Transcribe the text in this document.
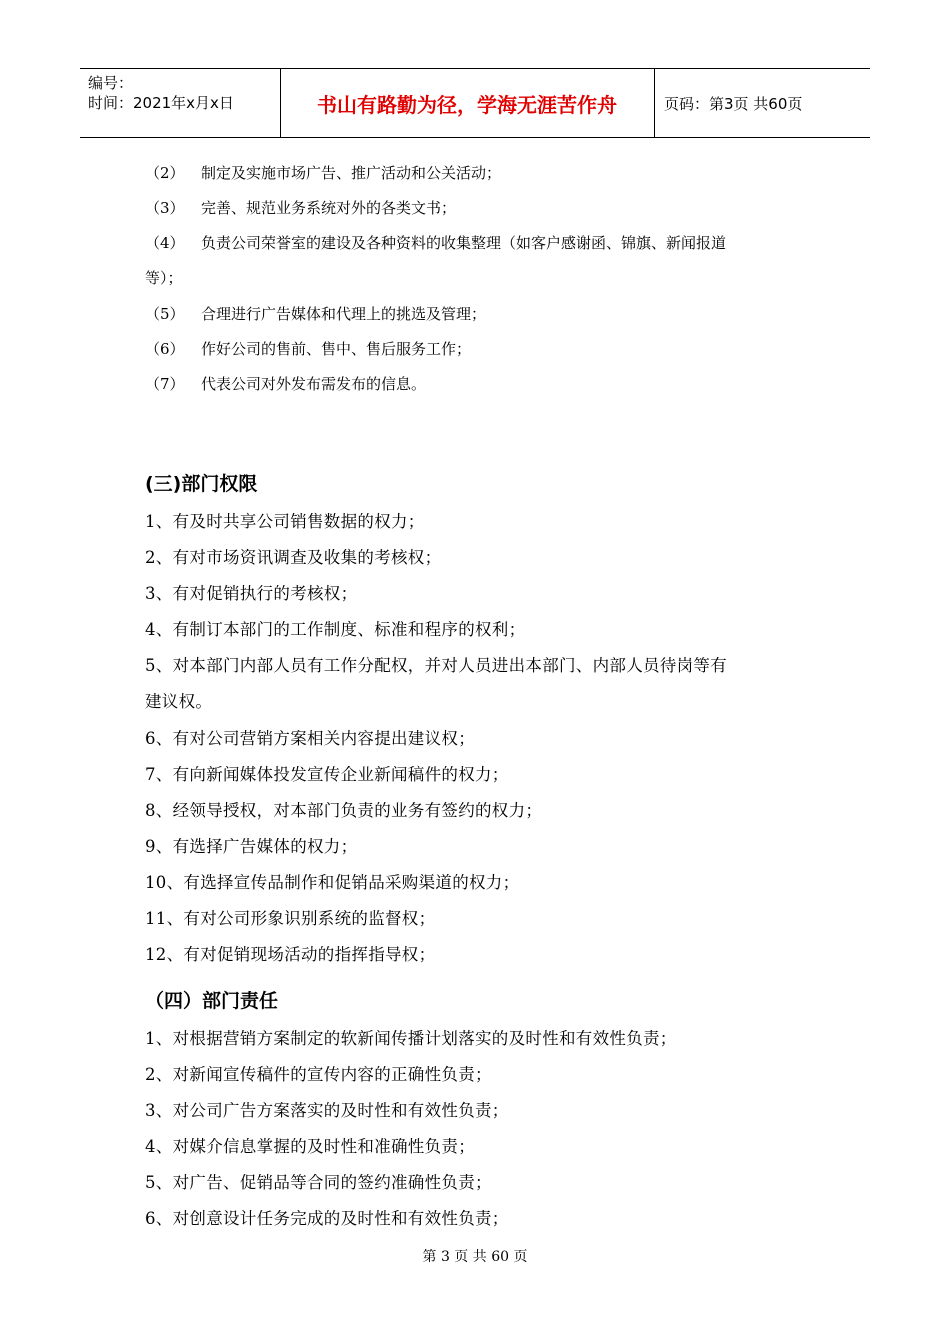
编号：
时间：2021年x月x日	书山有路勤为径，学海无涯苦作舟	页码：第3页 共60页
（2） 制定及实施市场广告、推广活动和公关活动；
（3） 完善、规范业务系统对外的各类文书；
（4） 负责公司荣誉室的建设及各种资料的收集整理（如客户感谢函、锦旗、新闻报道
等）；
（5） 合理进行广告媒体和代理上的挑选及管理；
（6） 作好公司的售前、售中、售后服务工作；
（7） 代表公司对外发布需发布的信息。
(三)部门权限
1、有及时共享公司销售数据的权力；
2、有对市场资讯调查及收集的考核权；
3、有对促销执行的考核权；
4、有制订本部门的工作制度、标准和程序的权利；
5、对本部门内部人员有工作分配权，并对人员进出本部门、内部人员待岗等有
建议权。
6、有对公司营销方案相关内容提出建议权；
7、有向新闻媒体投发宣传企业新闻稿件的权力；
8、经领导授权，对本部门负责的业务有签约的权力；
9、有选择广告媒体的权力；
10、有选择宣传品制作和促销品采购渠道的权力；
11、有对公司形象识别系统的监督权；
12、有对促销现场活动的指挥指导权；
（四）部门责任
1、对根据营销方案制定的软新闻传播计划落实的及时性和有效性负责；
2、对新闻宣传稿件的宣传内容的正确性负责；
3、对公司广告方案落实的及时性和有效性负责；
4、对媒介信息掌握的及时性和准确性负责；
5、对广告、促销品等合同的签约准确性负责；
6、对创意设计任务完成的及时性和有效性负责；
第 3 页 共 60 页
